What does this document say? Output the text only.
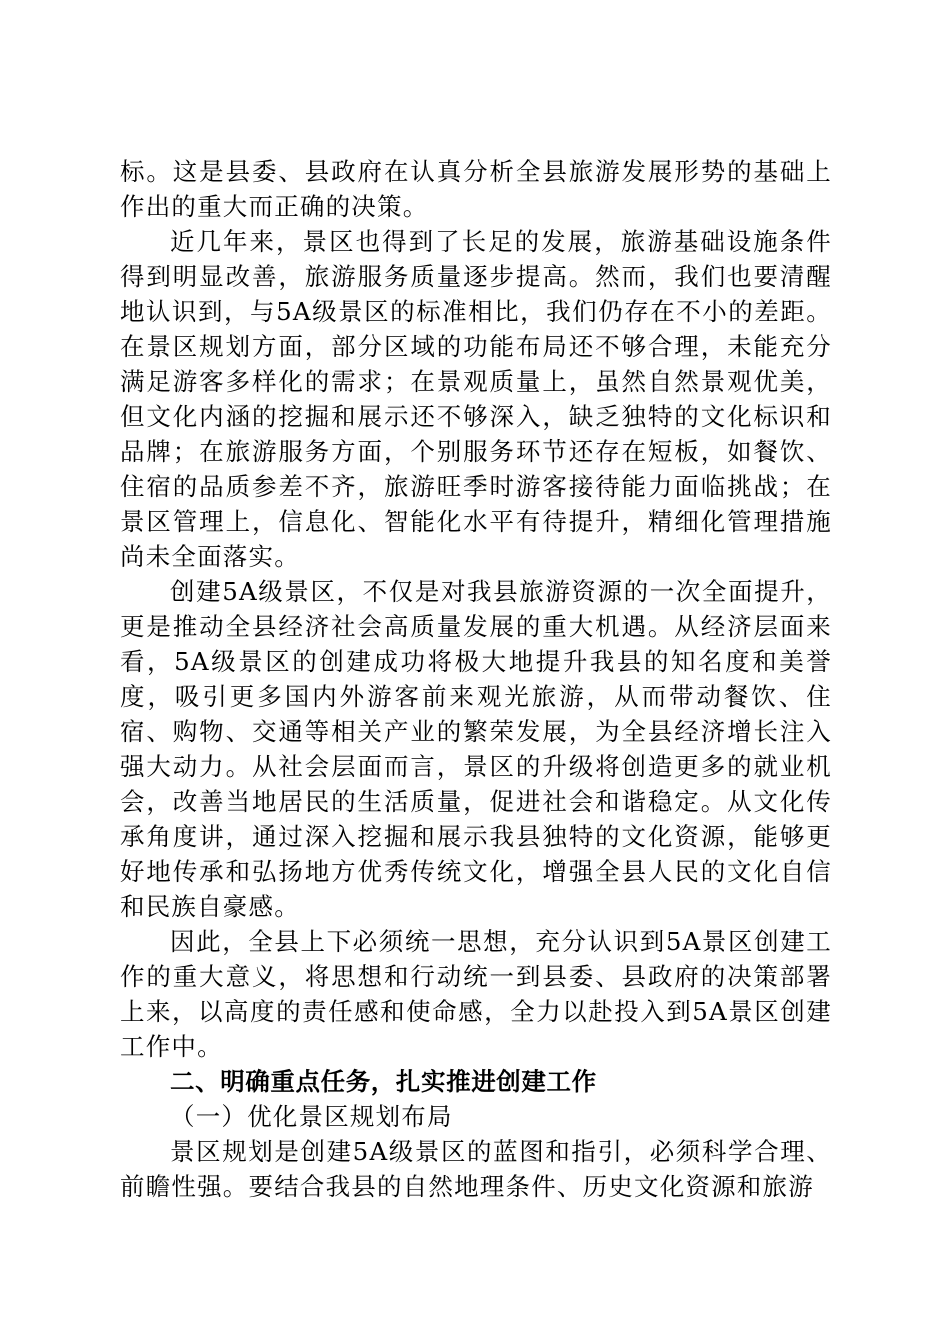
标。这是县委、县政府在认真分析全县旅游发展形势的基础上作出的重大而正确的决策。

近几年来，景区也得到了长足的发展，旅游基础设施条件得到明显改善，旅游服务质量逐步提高。然而，我们也要清醒地认识到，与5A级景区的标准相比，我们仍存在不小的差距。在景区规划方面，部分区域的功能布局还不够合理，未能充分满足游客多样化的需求；在景观质量上，虽然自然景观优美，但文化内涵的挖掘和展示还不够深入，缺乏独特的文化标识和品牌；在旅游服务方面，个别服务环节还存在短板，如餐饮、住宿的品质参差不齐，旅游旺季时游客接待能力面临挑战；在景区管理上，信息化、智能化水平有待提升，精细化管理措施尚未全面落实。

创建5A级景区，不仅是对我县旅游资源的一次全面提升，更是推动全县经济社会高质量发展的重大机遇。从经济层面来看，5A级景区的创建成功将极大地提升我县的知名度和美誉度，吸引更多国内外游客前来观光旅游，从而带动餐饮、住宿、购物、交通等相关产业的繁荣发展，为全县经济增长注入强大动力。从社会层面而言，景区的升级将创造更多的就业机会，改善当地居民的生活质量，促进社会和谐稳定。从文化传承角度讲，通过深入挖掘和展示我县独特的文化资源，能够更好地传承和弘扬地方优秀传统文化，增强全县人民的文化自信和民族自豪感。

因此，全县上下必须统一思想，充分认识到5A景区创建工作的重大意义，将思想和行动统一到县委、县政府的决策部署上来，以高度的责任感和使命感，全力以赴投入到5A景区创建工作中。

二、明确重点任务，扎实推进创建工作

（一）优化景区规划布局

景区规划是创建5A级景区的蓝图和指引，必须科学合理、前瞻性强。要结合我县的自然地理条件、历史文化资源和旅游
